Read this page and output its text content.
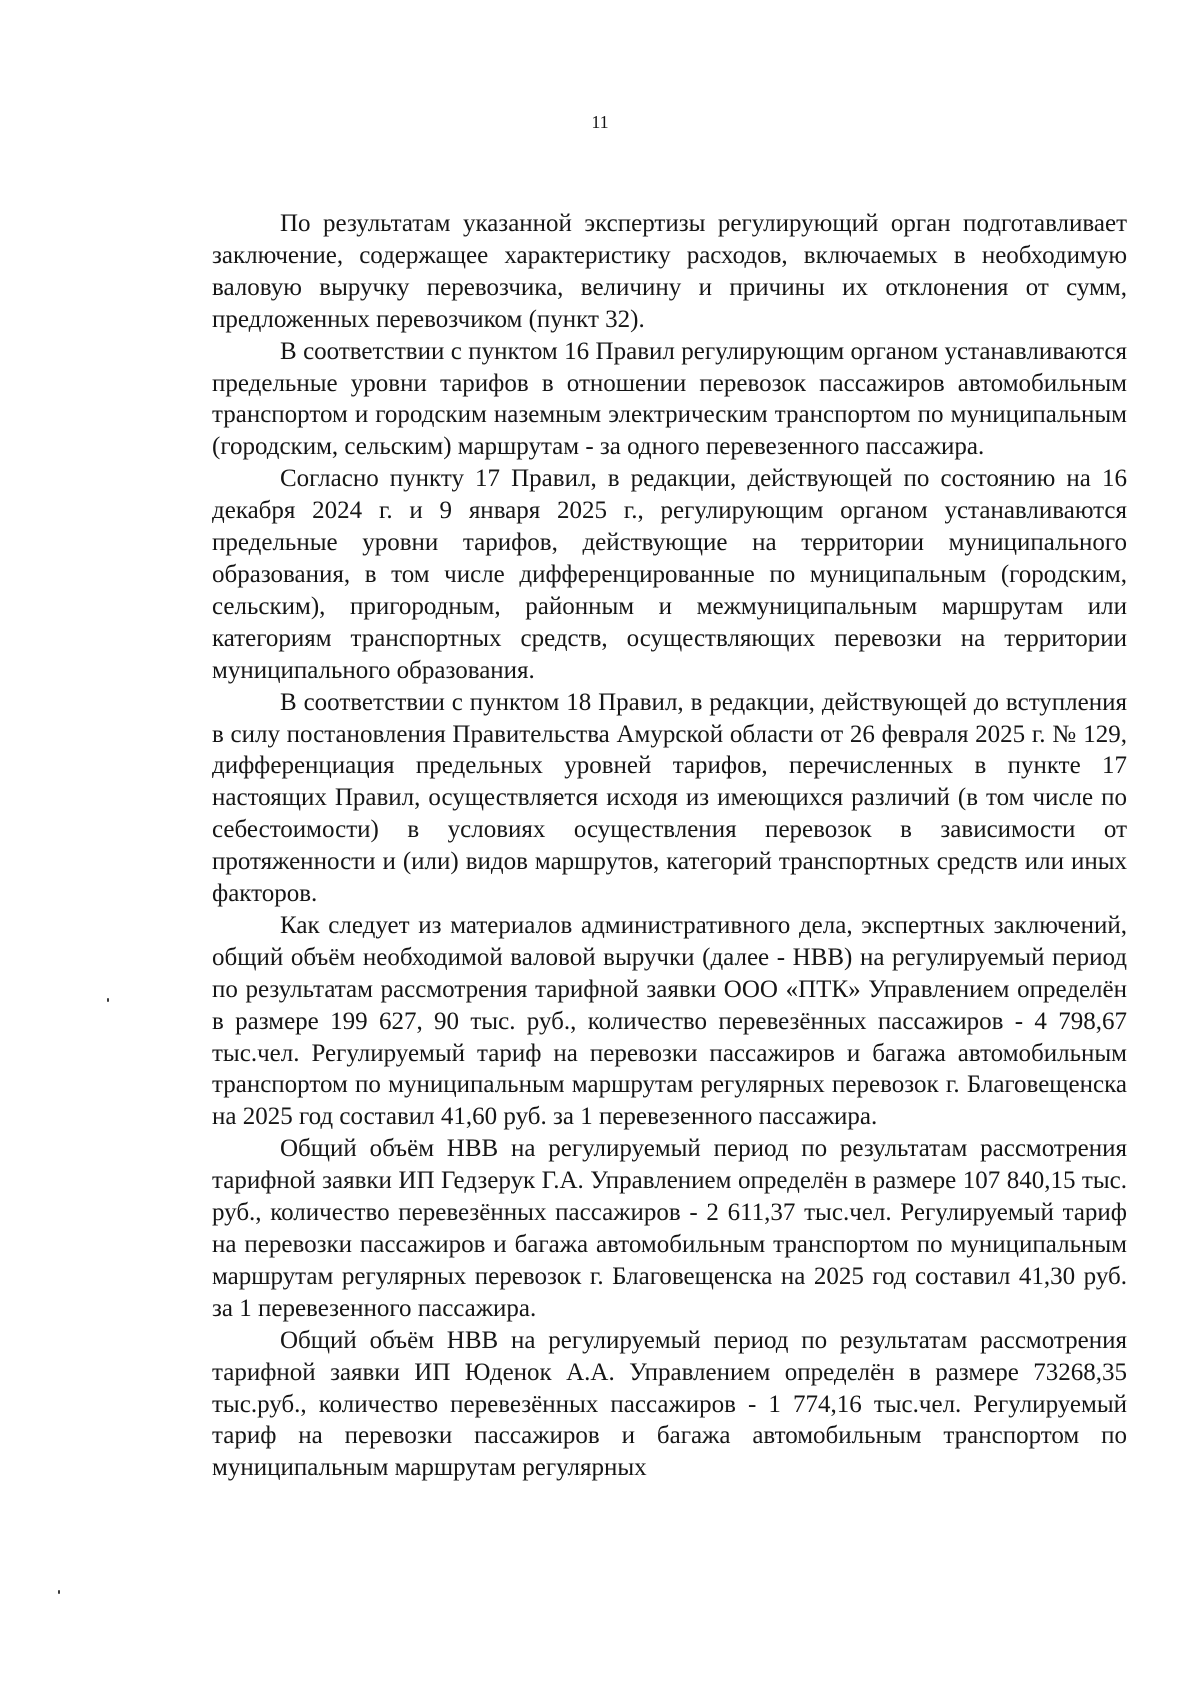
11

По результатам указанной экспертизы регулирующий орган подготавливает заключение, содержащее характеристику расходов, включаемых в необходимую валовую выручку перевозчика, величину и причины их отклонения от сумм, предложенных перевозчиком (пункт 32).

В соответствии с пунктом 16 Правил регулирующим органом устанавливаются предельные уровни тарифов в отношении перевозок пассажиров автомобильным транспортом и городским наземным электрическим транспортом по муниципальным (городским, сельским) маршрутам - за одного перевезенного пассажира.

Согласно пункту 17 Правил, в редакции, действующей по состоянию на 16 декабря 2024 г. и 9 января 2025 г., регулирующим органом устанавливаются предельные уровни тарифов, действующие на территории муниципального образования, в том числе дифференцированные по муниципальным (городским, сельским), пригородным, районным и межмуниципальным маршрутам или категориям транспортных средств, осуществляющих перевозки на территории муниципального образования.

В соответствии с пунктом 18 Правил, в редакции, действующей до вступления в силу постановления Правительства Амурской области от 26 февраля 2025 г. № 129, дифференциация предельных уровней тарифов, перечисленных в пункте 17 настоящих Правил, осуществляется исходя из имеющихся различий (в том числе по себестоимости) в условиях осуществления перевозок в зависимости от протяженности и (или) видов маршрутов, категорий транспортных средств или иных факторов.

Как следует из материалов административного дела, экспертных заключений, общий объём необходимой валовой выручки (далее - НВВ) на регулируемый период по результатам рассмотрения тарифной заявки ООО «ПТК» Управлением определён в размере 199 627, 90 тыс. руб., количество перевезённых пассажиров - 4 798,67 тыс.чел. Регулируемый тариф на перевозки пассажиров и багажа автомобильным транспортом по муниципальным маршрутам регулярных перевозок г. Благовещенска на 2025 год составил 41,60 руб. за 1 перевезенного пассажира.

Общий объём НВВ на регулируемый период по результатам рассмотрения тарифной заявки ИП Гедзерук Г.А. Управлением определён в размере 107 840,15 тыс. руб., количество перевезённых пассажиров - 2 611,37 тыс.чел. Регулируемый тариф на перевозки пассажиров и багажа автомобильным транспортом по муниципальным маршрутам регулярных перевозок г. Благовещенска на 2025 год составил 41,30 руб. за 1 перевезенного пассажира.

Общий объём НВВ на регулируемый период по результатам рассмотрения тарифной заявки ИП Юденок А.А. Управлением определён в размере 73268,35 тыс.руб., количество перевезённых пассажиров - 1 774,16 тыс.чел. Регулируемый тариф на перевозки пассажиров и багажа автомобильным транспортом по муниципальным маршрутам регулярных
